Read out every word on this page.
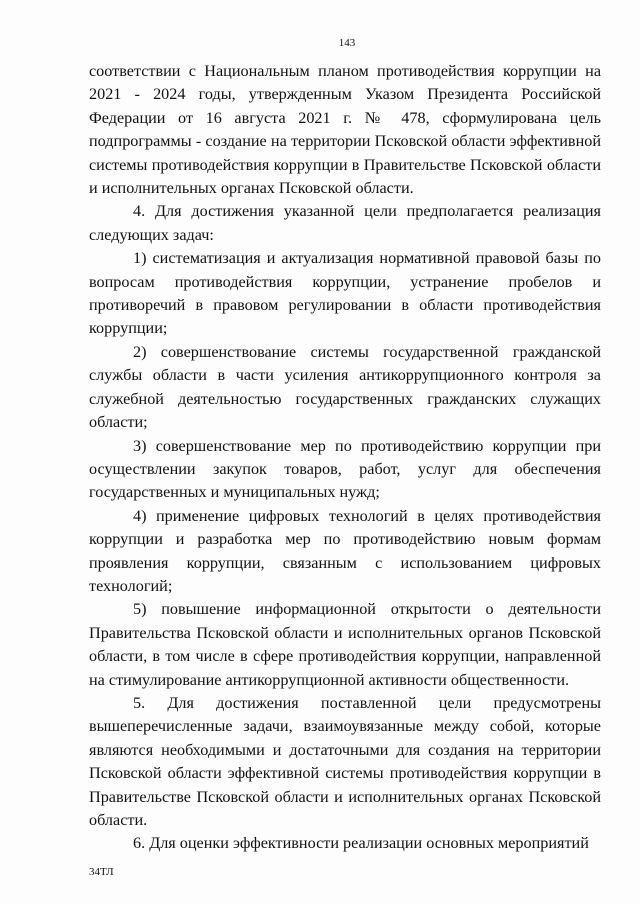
143

соответствии с Национальным планом противодействия коррупции на 2021 - 2024 годы, утвержденным Указом Президента Российской Федерации от 16 августа 2021 г. № 478, сформулирована цель подпрограммы - создание на территории Псковской области эффективной системы противодействия коррупции в Правительстве Псковской области и исполнительных органах Псковской области.

4. Для достижения указанной цели предполагается реализация следующих задач:

1) систематизация и актуализация нормативной правовой базы по вопросам противодействия коррупции, устранение пробелов и противоречий в правовом регулировании в области противодействия коррупции;

2) совершенствование системы государственной гражданской службы области в части усиления антикоррупционного контроля за служебной деятельностью государственных гражданских служащих области;

3) совершенствование мер по противодействию коррупции при осуществлении закупок товаров, работ, услуг для обеспечения государственных и муниципальных нужд;

4) применение цифровых технологий в целях противодействия коррупции и разработка мер по противодействию новым формам проявления коррупции, связанным с использованием цифровых технологий;

5) повышение информационной открытости о деятельности Правительства Псковской области и исполнительных органов Псковской области, в том числе в сфере противодействия коррупции, направленной на стимулирование антикоррупционной активности общественности.

5. Для достижения поставленной цели предусмотрены вышеперечисленные задачи, взаимоувязанные между собой, которые являются необходимыми и достаточными для создания на территории Псковской области эффективной системы противодействия коррупции в Правительстве Псковской области и исполнительных органах Псковской области.

6. Для оценки эффективности реализации основных мероприятий

34ТЛ
